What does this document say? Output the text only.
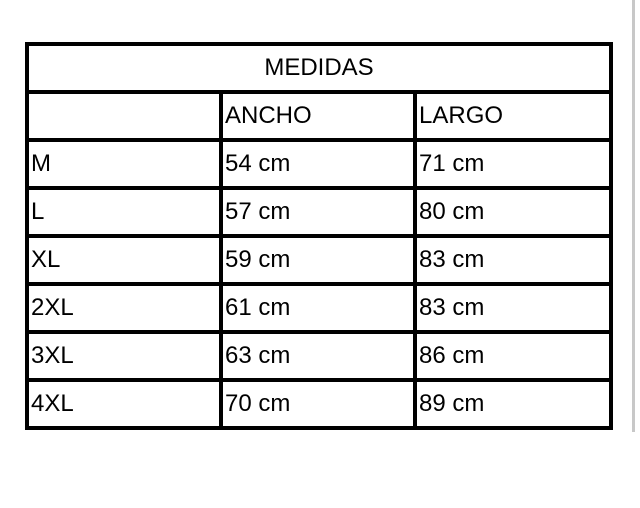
MEDIDAS		
	ANCHO	LARGO
M	54 cm	71 cm
L	57 cm	80 cm
XL	59 cm	83 cm
2XL	61 cm	83 cm
3XL	63 cm	86 cm
4XL	70 cm	89 cm
